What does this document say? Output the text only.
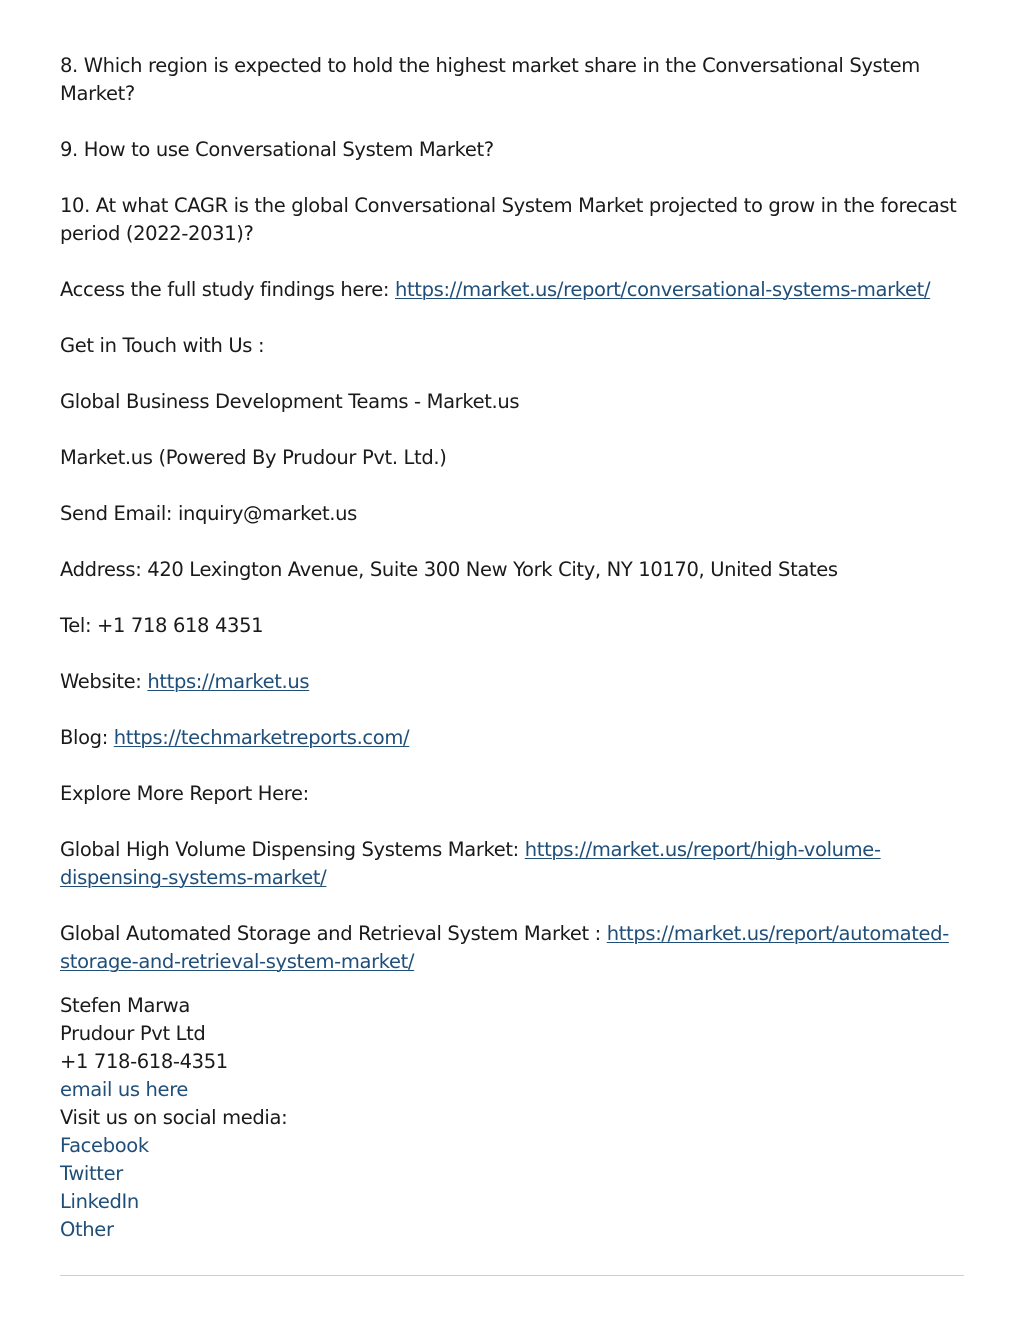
8. Which region is expected to hold the highest market share in the Conversational System Market?

9. How to use Conversational System Market?

10. At what CAGR is the global Conversational System Market projected to grow in the forecast period (2022-2031)?

Access the full study findings here: https://market.us/report/conversational-systems-market/

Get in Touch with Us :

Global Business Development Teams - Market.us

Market.us (Powered By Prudour Pvt. Ltd.)

Send Email: inquiry@market.us

Address: 420 Lexington Avenue, Suite 300 New York City, NY 10170, United States

Tel: +1 718 618 4351

Website: https://market.us

Blog: https://techmarketreports.com/

Explore More Report Here:

Global High Volume Dispensing Systems Market: https://market.us/report/high-volume-dispensing-systems-market/

Global Automated Storage and Retrieval System Market : https://market.us/report/automated-storage-and-retrieval-system-market/

Stefen Marwa

Prudour Pvt Ltd

+1 718-618-4351

email us here

Visit us on social media:

Facebook
Twitter
LinkedIn
Other
